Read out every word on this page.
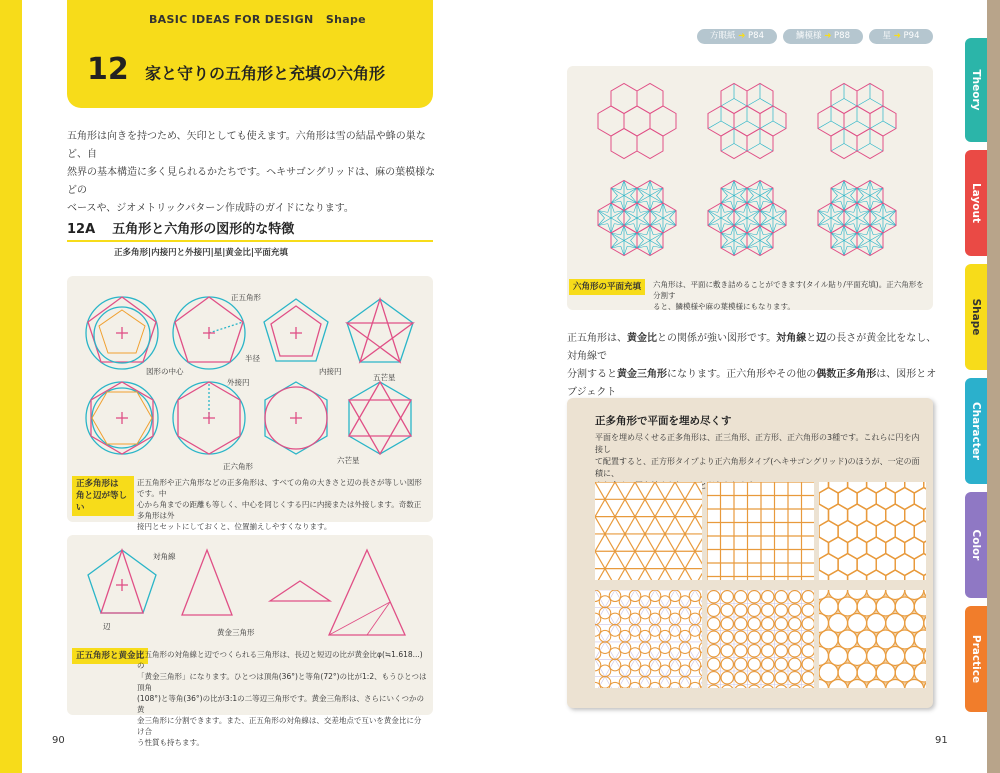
BASIC IDEAS FOR DESIGN Shape
12 家と守りの五角形と充填の六角形
五角形は向きを持つため、矢印としても使えます。六角形は雪の結晶や蜂の巣など、自
然界の基本構造に多く見られるかたちです。ヘキサゴングリッドは、麻の葉模様などの
ベースや、ジオメトリックパターン作成時のガイドになります。
12A 五角形と六角形の図形的な特徴
正多角形|内接円と外接円|星|黄金比|平面充填
正五角形
半径
図形の中心
外接円
内接円
五芒星
正六角形
六芒星
正多角形は
角と辺が等しい
正五角形や正六角形などの正多角形は、すべての角の大きさと辺の長さが等しい図形です。中
心から角までの距離も等しく、中心を同じくする円に内接または外接します。奇数正多角形は外
接円とセットにしておくと、位置揃えしやすくなります。
対角線
辺
黄金三角形
正五角形と黄金比
正五角形の対角線と辺でつくられる三角形は、長辺と短辺の比が黄金比φ(≒1.618...)の
「黄金三角形」になります。ひとつは頂角(36°)と等角(72°)の比が1:2、もうひとつは頂角
(108°)と等角(36°)の比が3:1の二等辺三角形です。黄金三角形は、さらにいくつかの黄
金三角形に分割できます。また、正五角形の対角線は、交差地点で互いを黄金比に分け合
う性質も持ちます。
90
方眼紙 ➜ P84	鱗模様 ➜ P88	星 ➜ P94
六角形の平面充填	六角形は、平面に敷き詰めることができます(タイル貼り/平面充填)。正六角形を分割す
ると、鱗模様や麻の葉模様にもなります。
正五角形は、黄金比との関係が強い図形です。対角線と辺の長さが黄金比をなし、対角線で
分割すると黄金三角形になります。正六角形やその他の偶数正多角形は、図形とオブジェクト
正多角形で平面を埋め尽くす
平面を埋め尽くせる正多角形は、正三角形、正方形、正六角形の3種です。これらに円を内接し
て配置すると、正方形タイプより正六角形タイプ(ヘキサゴングリッド)のほうが、一定の面積に、
91
Theory
Layout
Shape
Character
Color
Practice
